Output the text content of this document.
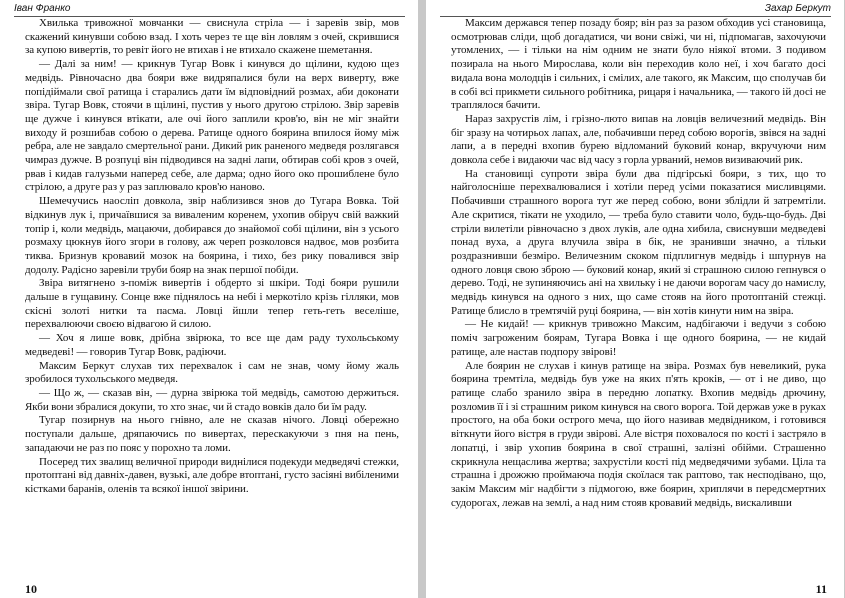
Іван Франко

Хвилька тривожної мовчанки — свиснула стріла — і заревів звір, мов скажений кинувши собою взад. І хоть через те ще він ловлям з очей, скрившися за купою вивертів, то ревіт його не втихав і не втихало скажене шеметання.

— Далі за ним! — крикнув Тугар Вовк і кинувся до щілини, кудою щез медвідь. Рівночасно два бояри вже видряпалися були на верх виверту, вже попідіймали свої ратища і старались дати їм відповідний розмах, аби доконати звіра. Тугар Вовк, стоячи в щілині, пустив у нього другою стрілою. Звір заревів ще дужче і кинувся втікати, але очі його заплили кров'ю, він не міг знайти виходу й розшибав собою о дерева. Ратище одного боярина впилося йому між ребра, але не завдало смертельної рани. Дикий рик раненого медведя розлягався чимраз дужче. В розпуці він підводився на задні лапи, обтирав собі кров з очей, рвав і кидав галузьми наперед себе, але дарма; одно його око прошиблене було стрілою, а друге раз у раз заплювало кров'ю наново.

Шемечучись наосліп довкола, звір наблизився знов до Тугара Вовка. Той відкинув лук і, причаївшися за виваленим коренем, ухопив обіруч свій важкий топір і, коли медвідь, мацаючи, добирався до знайомої собі щілини, він з усього розмаху цюкнув його згори в голову, аж череп розколовся надвоє, мов розбита тиква. Бризнув кровавий мозок на боярина, і тихо, без рику повалився звір додолу. Радісно заревіли труби бояр на знак першої побіди.

Звіра витягнено з-поміж вивертів і обдерто зі шкіри. Тоді бояри рушили дальше в гущавину. Сонце вже піднялось на небі і меркотіло крізь гілляки, мов скісні золоті нитки та пасма. Ловці йшли тепер геть-геть веселіше, перехвалюючи своєю відвагою й силою.

— Хоч я лише вовк, дрібна звірюка, то все ще дам раду тухольському медведеві! — говорив Тугар Вовк, радіючи.

Максим Беркут слухав тих перехвалок і сам не знав, чому йому жаль зробилося тухольського медведя.

— Що ж, — сказав він, — дурна звірюка той медвідь, самотою держиться. Якби вони збралися докупи, то хто знає, чи й стадо вовків дало би їм раду.

Тугар позирнув на нього гнівно, але не сказав нічого. Ловці обережно поступали дальше, дряпаючись по вивертах, перескакуючи з пня на пень, западаючи не раз по пояс у порохно та ломи.

Посеред тих звалищ величної природи виднілися подекуди медведячі стежки, протоптані від давніх-давен, вузькі, але добре втоптані, густо засіяні вибіленими кістками баранів, оленів та всякої іншої звірини.

10
Захар Беркут

Максим держався тепер позаду бояр; він раз за разом обходив усі становища, осмотрював сліди, щоб догадатися, чи вони свіжі, чи ні, підпомагав, захочуючи утомлених, — і тільки на нім одним не знати було ніякої втоми. З подивом позирала на нього Мирослава, коли він переходив коло неї, і хоч багато досі видала вона молодців і сильних, і смілих, але такого, як Максим, що сполучав би в собі всі прикмети сильного робітника, рицаря і начальника, — такого ій досі не траплялося бачити.

Нараз захрустів лім, і грізно-лютo випав на ловців величезний медвідь. Він біг зразу на чотирьох лапах, але, побачивши перед собою ворогів, звівся на задні лапи, а в передні вхопив бурею відломаний буковий конар, вкручуючи ним довкола себе і видаючи час від часу з горла урваний, немов визиваючий рик.

На становищі супроти звіра були два підгірські бояри, з тих, що то найголосніше перехвалювалися і хотіли перед усіми показатися мисливцями. Побачивши страшного ворога тут же перед собою, вони зблідли й затремтіли. Але скритися, тікати не уходило, — треба було ставити чоло, будь-що-будь. Дві стріли вилетіли рівночасно з двох луків, але одна хибила, свиснувши медведеві понад вуха, а друга влучила звіра в бік, не зранивши значно, а тільки роздразнивши безміро. Величезним скоком підплигнув медвідь і шпурнув на одного ловця свою зброю — буковий конар, який зі страшною силою гепнувся о дерево. Тоді, не зупиняючись ані на хвильку і не даючи ворогам часу до намислу, медвідь кинувся на одного з них, що саме стояв на його протоптаній стежці. Ратище блисло в тремтячій руці боярина, — він хотів кинути ним на звіра.

— Не кидай! — крикнув тривожно Максим, надбігаючи і ведучи з собою поміч загроженим боярам, Тугара Вовка і ще одного боярина, — не кидай ратище, але настав подпору звірові!

Але боярин не слухав і кинув ратище на звіра. Розмах був невеликий, рука боярина тремтіла, медвідь був уже на яких п'ять кроків, — от і не диво, що ратище слабо зранило звіра в передню лопатку. Вхопив медвідь дрючину, розломив її і зі страшним риком кинувся на свого ворога. Той держав уже в руках простого, на оба боки острого меча, що його називав медвідником, і готовився віткнути його вістря в груди звірові. Але вістря поховалося по кості і застряло в лопатці, і звір ухопив боярина в свої страшні, залізні обійми. Страшенно скрикнула нещаслива жертва; захрустіли кості під медведячими зубами. Ціла та страшна і дрожжю проймаюча подія скоїлася так раптово, так несподівано, що, закім Максим міг надбігти з підмогою, вже боярин, хриплячи в передсмертних судорогах, лежав на землі, а над ним стояв кровавий медвідь, вискаливши

11
